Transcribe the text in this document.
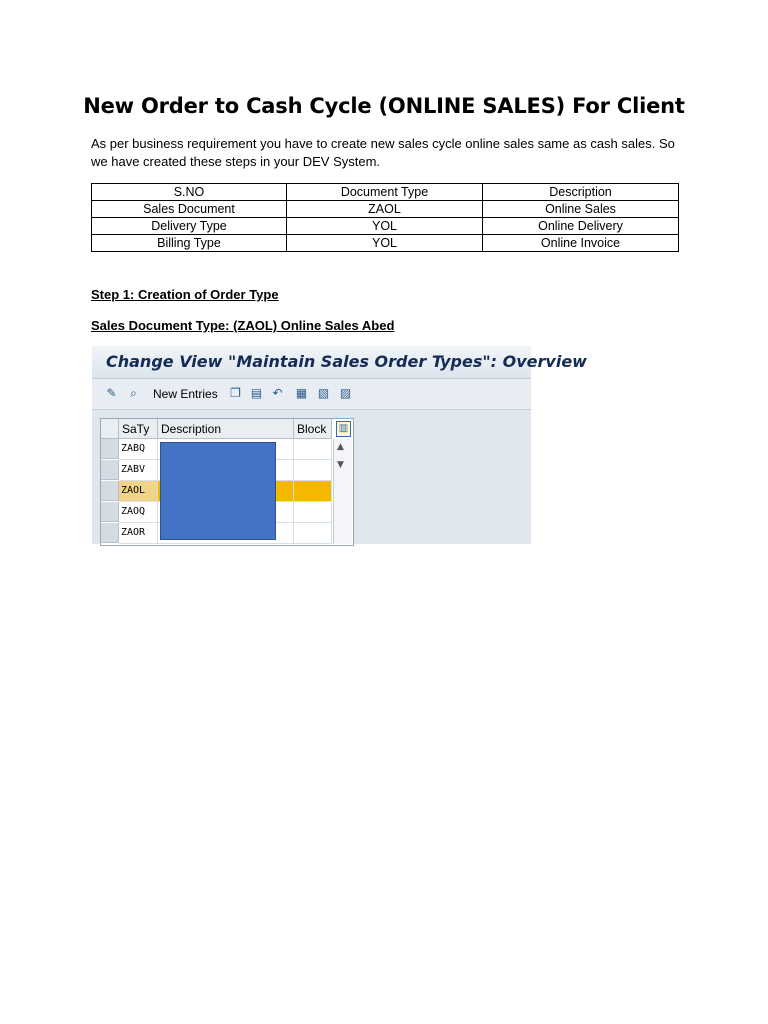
New Order to Cash Cycle (ONLINE SALES) For Client
As per business requirement you have to create new sales cycle online sales same as cash sales. So we have created these steps in your DEV System.
S.NO	Document Type	Description
Sales Document	ZAOL	Online Sales
Delivery Type	YOL	Online Delivery
Billing Type	YOL	Online Invoice
Step 1: Creation of Order Type
Sales Document Type: (ZAOL) Online Sales Abed
Change View "Maintain Sales Order Types": Overview
✎	⌕	New Entries ❐ ▤ ↶ ▦ ▧ ▨
SaTy Description	Block
ZABQ
ZABV
ZAOL
ZAOQ
ZAOR
▥
▲
▼
